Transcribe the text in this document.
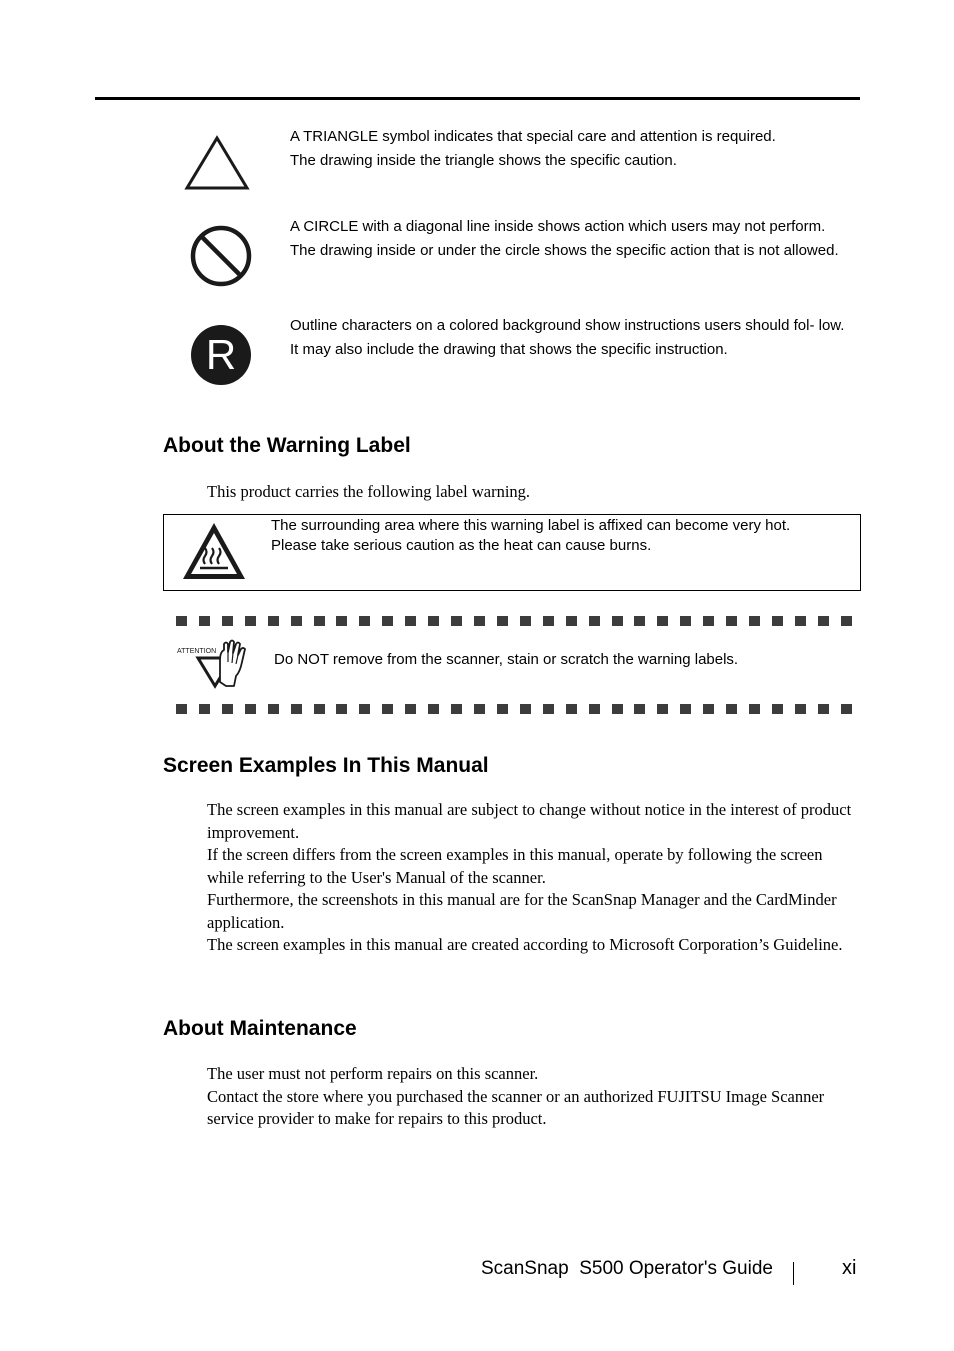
A TRIANGLE symbol indicates that special care and attention is required.

The drawing inside the triangle shows the specific caution.

A CIRCLE with a diagonal line inside shows action which users may not perform.

The drawing inside or under the circle shows the specific action that is not allowed.

R

Outline characters on a colored background show instructions users should fol- low.

It may also include the drawing that shows the specific instruction.

About the Warning Label
This product carries the following label warning.
The surrounding area where this warning label is affixed can become very hot.
Please take serious caution as the heat can cause burns.
ATTENTION	Do NOT remove from the scanner, stain or scratch the warning labels.
Screen Examples In This Manual

The screen examples in this manual are subject to change without notice in the interest of product improvement.

If the screen differs from the screen examples in this manual, operate by following the screen while referring to the User's Manual of the scanner.

Furthermore, the screenshots in this manual are for the ScanSnap Manager and the CardMinder application.

The screen examples in this manual are created according to Microsoft Corporation’s Guideline.

About Maintenance

The user must not perform repairs on this scanner.

Contact the store where you purchased the scanner or an authorized FUJITSU Image Scanner service provider to make for repairs to this product.

ScanSnap  S500 Operator's Guide	xi
